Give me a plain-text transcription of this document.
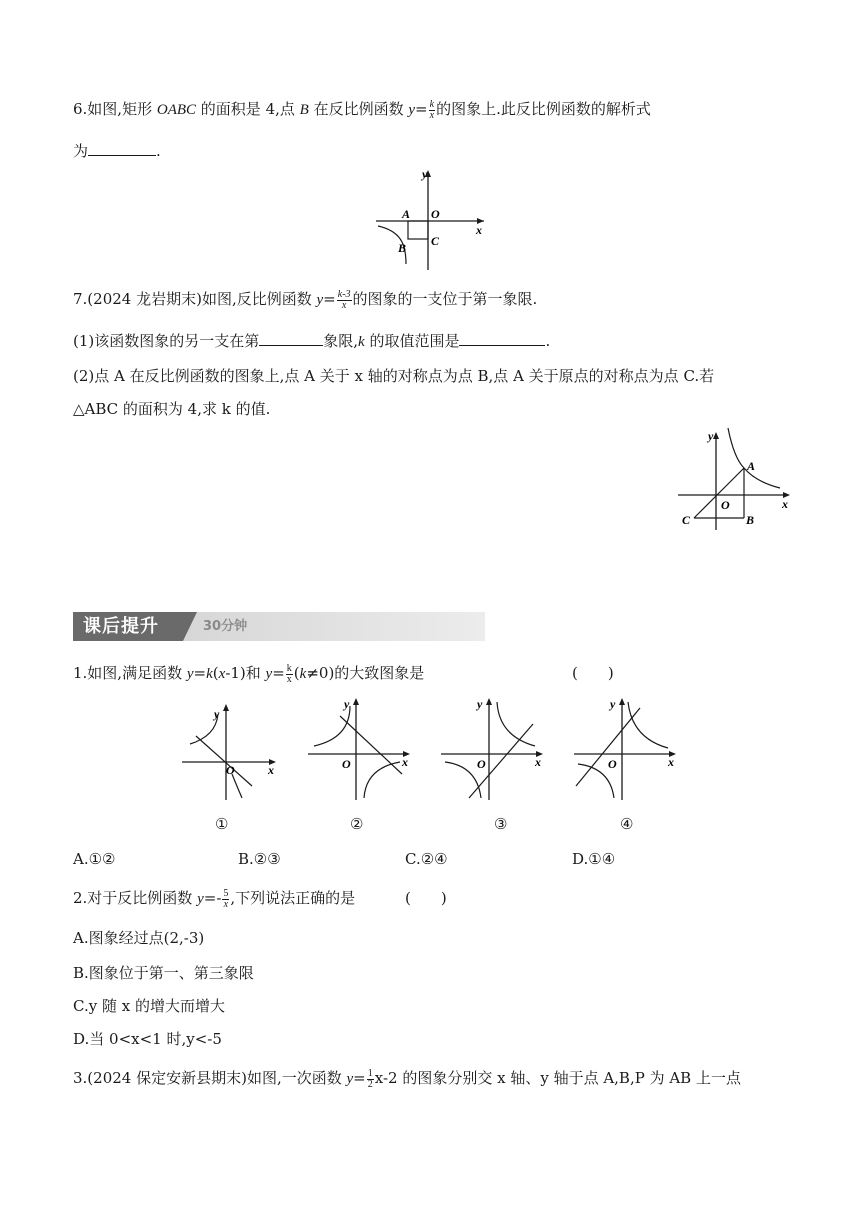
6.如图,矩形 OABC 的面积是 4,点 B 在反比例函数 $y= \frac{k}{x}$ 的图象上.此反比例函数的解析式
为	.
y
x
A O
B C
7.(2024 龙岩期末)如图,反比例函数 $y= \frac{k-3}{x}$ 的图象的一支位于第一象限.
(1)该函数图象的另一支在第	象限,k 的取值范围是	.
(2)点 A 在反比例函数的图象上,点 A 关于 x 轴的对称点为点 B,点 A 关于原点的对称点为点 C.若
△ABC 的面积为 4,求 k 的值.
y
x
A
O
B
C
课后提升	30分钟
1.如图,满足函数 y=k(x-1)和 $y= \frac{k}{x} (k\ne 0)$的大致图象是	(　　)
y
x
O
y
x
O
y
x
O
y
x
O
①	②	③	④
A.①②	B.②③	C.②④	D.①④
2.对于反比例函数 $y=- \frac{5}{x}$ ,下列说法正确的是	(　　)
A.图象经过点(2,-3)
B.图象位于第一、第三象限
C.y 随 x 的增大而增大
D.当 0<x<1 时,y<-5
3.(2024 保定安新县期末)如图,一次函数 $y= \frac{1}{2} x-2$ 的图象分别交 x 轴、y 轴于点 A,B,P 为 AB 上一点
